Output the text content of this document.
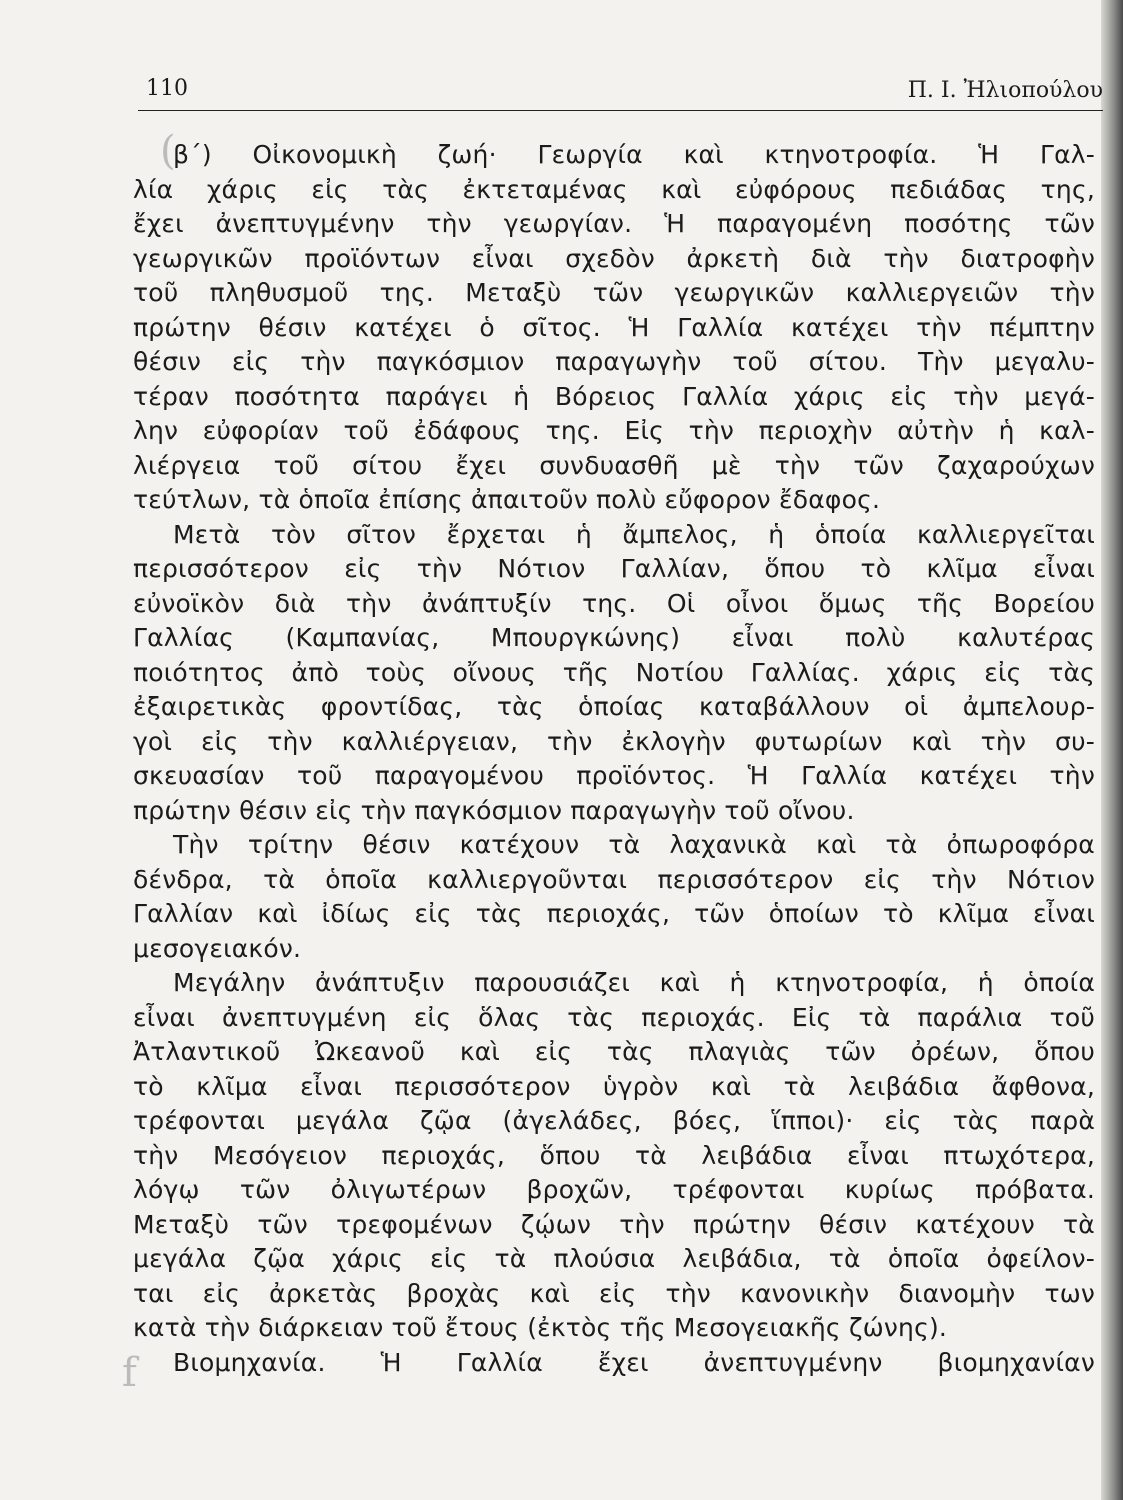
110	Π. Ι. Ἠλιοπούλου
(
f
β΄) Οἰκονομικὴ ζωή· Γεωργία καὶ κτηνοτροφία. Ἡ Γαλ-
λία χάρις εἰς τὰς ἐκτεταμένας καὶ εὐφόρους πεδιάδας της,
ἔχει ἀνεπτυγμένην τὴν γεωργίαν. Ἡ παραγομένη ποσότης τῶν
γεωργικῶν προϊόντων εἶναι σχεδὸν ἀρκετὴ διὰ τὴν διατροφὴν
τοῦ πληθυσμοῦ της. Μεταξὺ τῶν γεωργικῶν καλλιεργειῶν τὴν
πρώτην θέσιν κατέχει ὁ σῖτος. Ἡ Γαλλία κατέχει τὴν πέμπτην
θέσιν εἰς τὴν παγκόσμιον παραγωγὴν τοῦ σίτου. Τὴν μεγαλυ-
τέραν ποσότητα παράγει ἡ Βόρειος Γαλλία χάρις εἰς τὴν μεγά-
λην εὐφορίαν τοῦ ἐδάφους της. Εἰς τὴν περιοχὴν αὐτὴν ἡ καλ-
λιέργεια τοῦ σίτου ἔχει συνδυασθῆ μὲ τὴν τῶν ζαχαρούχων
τεύτλων, τὰ ὁποῖα ἐπίσης ἀπαιτοῦν πολὺ εὔφορον ἔδαφος.
Μετὰ τὸν σῖτον ἔρχεται ἡ ἄμπελος, ἡ ὁποία καλλιεργεῖται
περισσότερον εἰς τὴν Νότιον Γαλλίαν, ὅπου τὸ κλῖμα εἶναι
εὐνοϊκὸν διὰ τὴν ἀνάπτυξίν της. Οἱ οἶνοι ὅμως τῆς Βορείου
Γαλλίας (Καμπανίας, Μπουργκώνης) εἶναι πολὺ καλυτέρας
ποιότητος ἀπὸ τοὺς οἴνους τῆς Νοτίου Γαλλίας. χάρις εἰς τὰς
ἐξαιρετικὰς φροντίδας, τὰς ὁποίας καταβάλλουν οἱ ἀμπελουρ-
γοὶ εἰς τὴν καλλιέργειαν, τὴν ἐκλογὴν φυτωρίων καὶ τὴν συ-
σκευασίαν τοῦ παραγομένου προϊόντος. Ἡ Γαλλία κατέχει τὴν
πρώτην θέσιν εἰς τὴν παγκόσμιον παραγωγὴν τοῦ οἴνου.
Τὴν τρίτην θέσιν κατέχουν τὰ λαχανικὰ καὶ τὰ ὀπωροφόρα
δένδρα, τὰ ὁποῖα καλλιεργοῦνται περισσότερον εἰς τὴν Νότιον
Γαλλίαν καὶ ἰδίως εἰς τὰς περιοχάς, τῶν ὁποίων τὸ κλῖμα εἶναι
μεσογειακόν.
Μεγάλην ἀνάπτυξιν παρουσιάζει καὶ ἡ κτηνοτροφία, ἡ ὁποία
εἶναι ἀνεπτυγμένη εἰς ὅλας τὰς περιοχάς. Εἰς τὰ παράλια τοῦ
Ἀτλαντικοῦ Ὠκεανοῦ καὶ εἰς τὰς πλαγιὰς τῶν ὀρέων, ὅπου
τὸ κλῖμα εἶναι περισσότερον ὑγρὸν καὶ τὰ λειβάδια ἄφθονα,
τρέφονται μεγάλα ζῷα (ἀγελάδες, βόες, ἵπποι)· εἰς τὰς παρὰ
τὴν Μεσόγειον περιοχάς, ὅπου τὰ λειβάδια εἶναι πτωχότερα,
λόγῳ τῶν ὀλιγωτέρων βροχῶν, τρέφονται κυρίως πρόβατα.
Μεταξὺ τῶν τρεφομένων ζῴων τὴν πρώτην θέσιν κατέχουν τὰ
μεγάλα ζῷα χάρις εἰς τὰ πλούσια λειβάδια, τὰ ὁποῖα ὀφείλον-
ται εἰς ἀρκετὰς βροχὰς καὶ εἰς τὴν κανονικὴν διανομὴν των
κατὰ τὴν διάρκειαν τοῦ ἔτους (ἐκτὸς τῆς Μεσογειακῆς ζώνης).
Βιομηχανία. Ἡ Γαλλία ἔχει ἀνεπτυγμένην βιομηχανίαν
